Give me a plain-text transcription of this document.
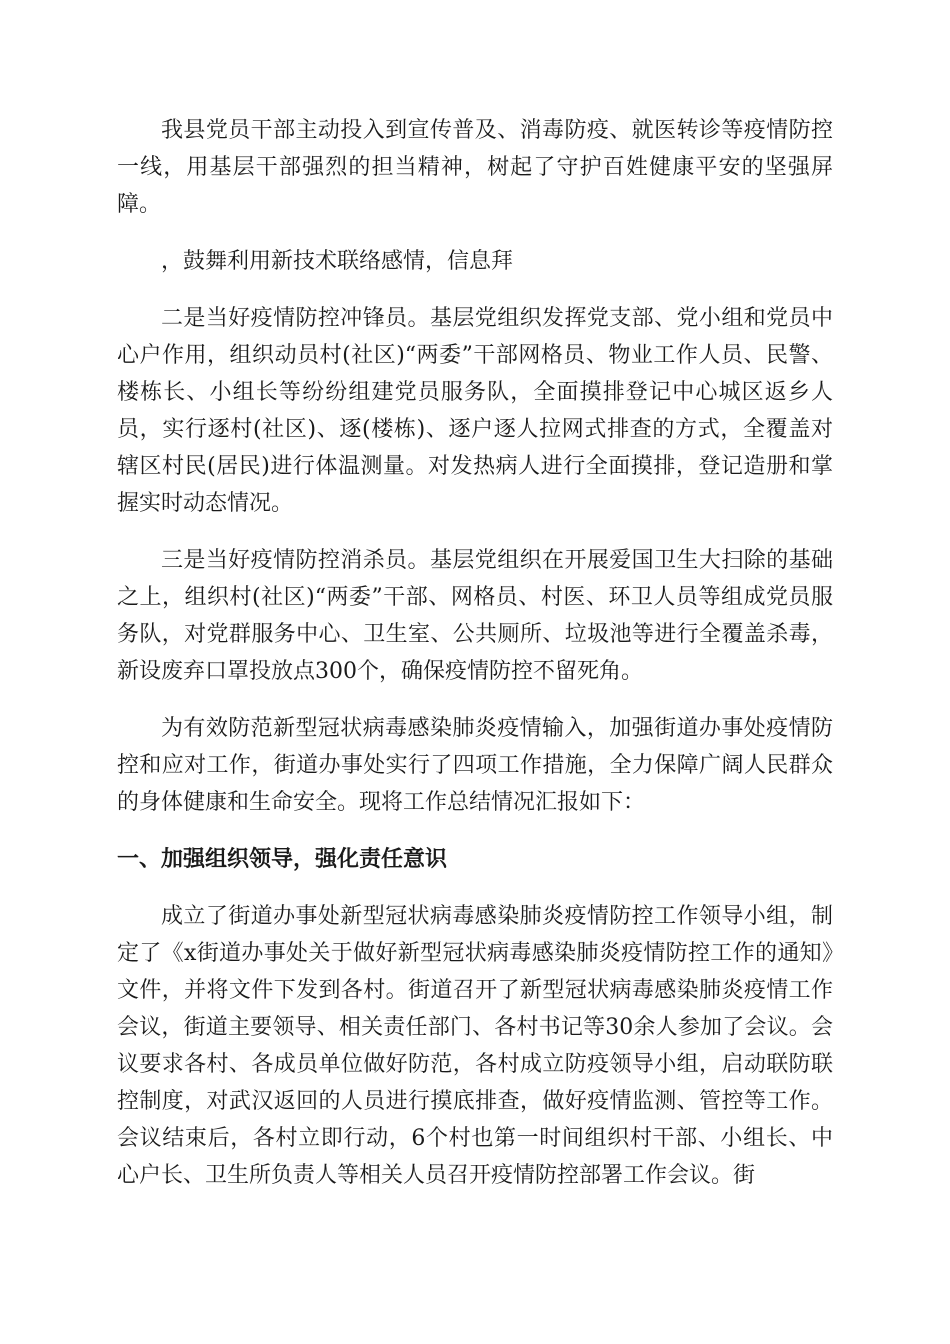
我县党员干部主动投入到宣传普及、消毒防疫、就医转诊等疫情防控一线，用基层干部强烈的担当精神，树起了守护百姓健康平安的坚强屏障。

，鼓舞利用新技术联络感情，信息拜

二是当好疫情防控冲锋员。基层党组织发挥党支部、党小组和党员中心户作用，组织动员村(社区)“两委”干部网格员、物业工作人员、民警、楼栋长、小组长等纷纷组建党员服务队，全面摸排登记中心城区返乡人员，实行逐村(社区)、逐(楼栋)、逐户逐人拉网式排查的方式，全覆盖对辖区村民(居民)进行体温测量。对发热病人进行全面摸排，登记造册和掌握实时动态情况。

三是当好疫情防控消杀员。基层党组织在开展爱国卫生大扫除的基础之上，组织村(社区)“两委”干部、网格员、村医、环卫人员等组成党员服务队，对党群服务中心、卫生室、公共厕所、垃圾池等进行全覆盖杀毒，新设废弃口罩投放点300个，确保疫情防控不留死角。

为有效防范新型冠状病毒感染肺炎疫情输入，加强街道办事处疫情防控和应对工作，街道办事处实行了四项工作措施，全力保障广阔人民群众的身体健康和生命安全。现将工作总结情况汇报如下：

一、加强组织领导，强化责任意识

成立了街道办事处新型冠状病毒感染肺炎疫情防控工作领导小组，制定了《x街道办事处关于做好新型冠状病毒感染肺炎疫情防控工作的通知》文件，并将文件下发到各村。街道召开了新型冠状病毒感染肺炎疫情工作会议，街道主要领导、相关责任部门、各村书记等30余人参加了会议。会议要求各村、各成员单位做好防范，各村成立防疫领导小组，启动联防联控制度，对武汉返回的人员进行摸底排查，做好疫情监测、管控等工作。会议结束后，各村立即行动，6个村也第一时间组织村干部、小组长、中心户长、卫生所负责人等相关人员召开疫情防控部署工作会议。街
